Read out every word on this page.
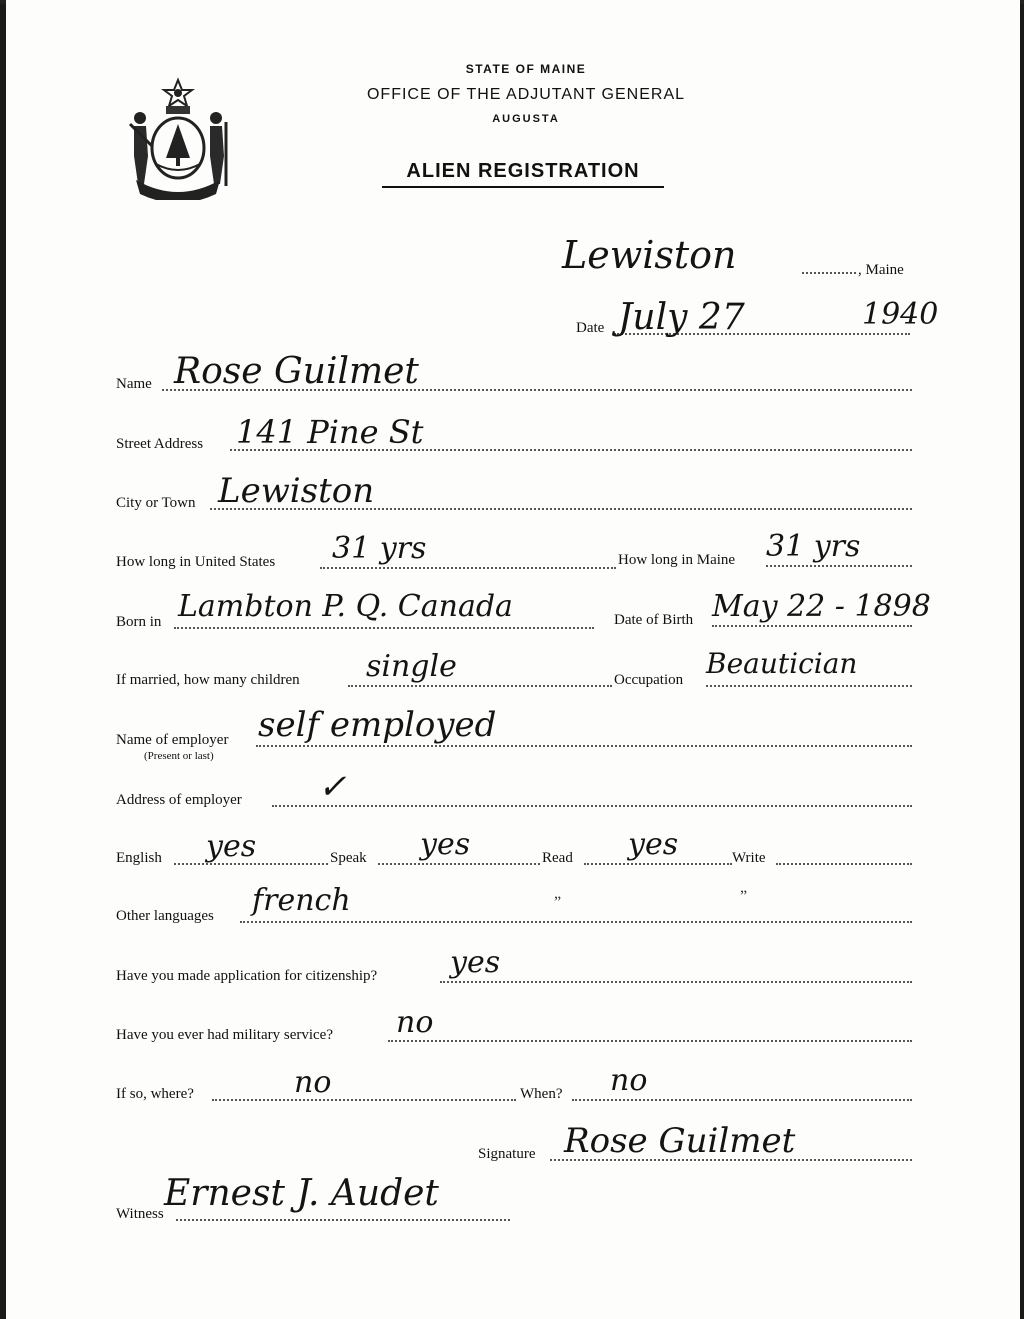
MAINE
STATE OF MAINE
OFFICE OF THE ADJUTANT GENERAL
AUGUSTA
ALIEN REGISTRATION
Lewiston	, Maine
Date July 27	1940
Name Rose Guilmet
Street Address 141 Pine St
City or Town Lewiston
How long in United States 31 yrs	How long in Maine 31 yrs
Born in Lambton P. Q. Canada	Date of Birth May 22 - 1898
If married, how many children single	Occupation Beautician
Name of employer
(Present or last)
self employed
Address of employer ✓
English yes	Speak yes	Read yes	Write
Other languages french	”	”
Have you made application for citizenship? yes
Have you ever had military service? no
If so, where?	no	When? no
Signature Rose Guilmet
Witness Ernest J. Audet
